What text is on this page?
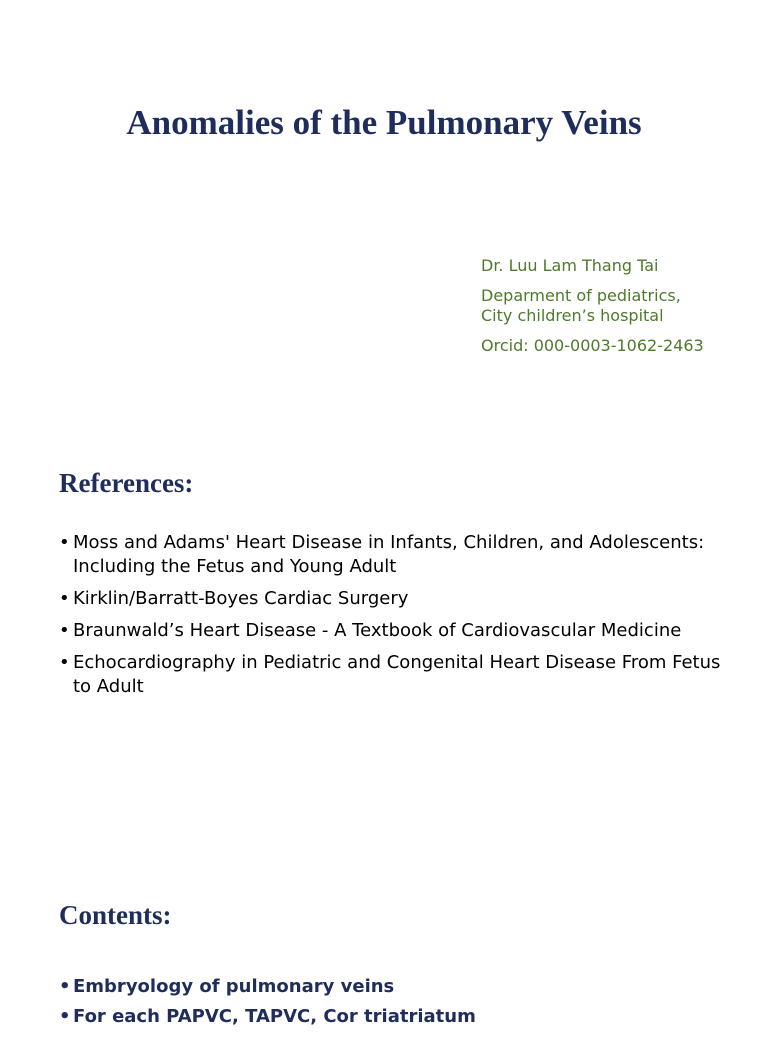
Anomalies of the Pulmonary Veins
Dr. Luu Lam Thang Tai
Deparment of pediatrics,
City children’s hospital
Orcid: 000-0003-1062-2463
References:
• Moss and Adams' Heart Disease in Infants, Children, and Adolescents: Including the Fetus and Young Adult
• Kirklin/Barratt-Boyes Cardiac Surgery
• Braunwald’s Heart Disease - A Textbook of Cardiovascular Medicine
• Echocardiography in Pediatric and Congenital Heart Disease From Fetus to Adult
Contents:
• Embryology of pulmonary veins
• For each PAPVC, TAPVC, Cor triatriatum
